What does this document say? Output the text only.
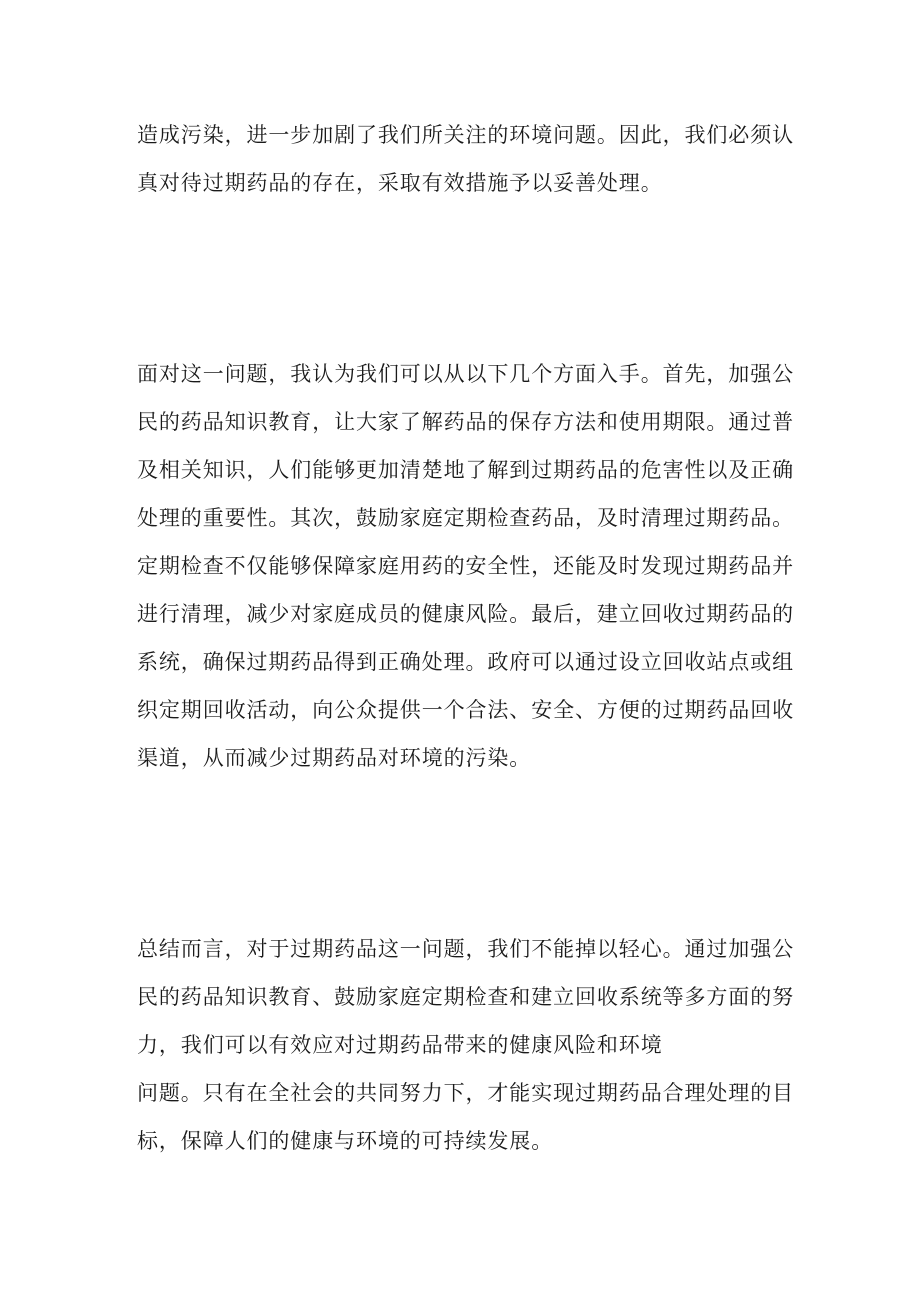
造成污染，进一步加剧了我们所关注的环境问题。因此，我们必须认

真对待过期药品的存在，采取有效措施予以妥善处理。

面对这一问题，我认为我们可以从以下几个方面入手。首先，加强公

民的药品知识教育，让大家了解药品的保存方法和使用期限。通过普

及相关知识，人们能够更加清楚地了解到过期药品的危害性以及正确

处理的重要性。其次，鼓励家庭定期检查药品，及时清理过期药品。

定期检查不仅能够保障家庭用药的安全性，还能及时发现过期药品并

进行清理，减少对家庭成员的健康风险。最后，建立回收过期药品的

系统，确保过期药品得到正确处理。政府可以通过设立回收站点或组

织定期回收活动，向公众提供一个合法、安全、方便的过期药品回收

渠道，从而减少过期药品对环境的污染。

总结而言，对于过期药品这一问题，我们不能掉以轻心。通过加强公

民的药品知识教育、鼓励家庭定期检查和建立回收系统等多方面的努

力，我们可以有效应对过期药品带来的健康风险和环境

问题。只有在全社会的共同努力下，才能实现过期药品合理处理的目

标，保障人们的健康与环境的可持续发展。
